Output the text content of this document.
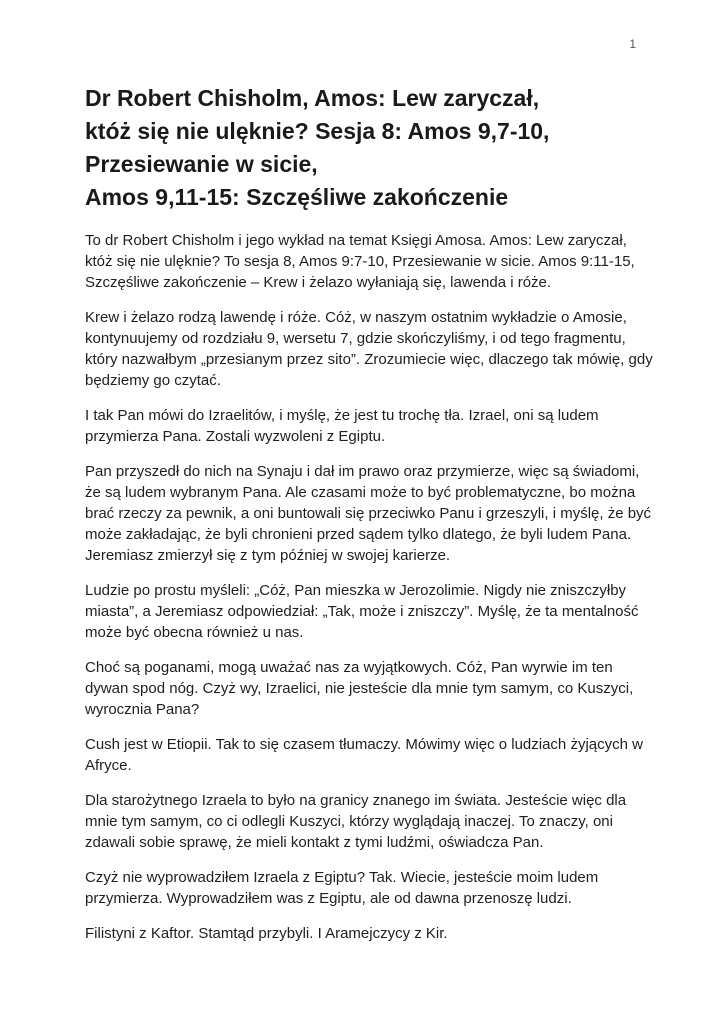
1
Dr Robert Chisholm, Amos: Lew zaryczał,
któż się nie ulęknie? Sesja 8: Amos 9,7-10,
Przesiewanie w sicie,
Amos 9,11-15: Szczęśliwe zakończenie

To dr Robert Chisholm i jego wykład na temat Księgi Amosa. Amos: Lew zaryczał, któż się nie ulęknie? To sesja 8, Amos 9:7-10, Przesiewanie w sicie. Amos 9:11-15, Szczęśliwe zakończenie – Krew i żelazo wyłaniają się, lawenda i róże.

Krew i żelazo rodzą lawendę i róże. Cóż, w naszym ostatnim wykładzie o Amosie, kontynuujemy od rozdziału 9, wersetu 7, gdzie skończyliśmy, i od tego fragmentu, który nazwałbym „przesianym przez sito”. Zrozumiecie więc, dlaczego tak mówię, gdy będziemy go czytać.

I tak Pan mówi do Izraelitów, i myślę, że jest tu trochę tła. Izrael, oni są ludem przymierza Pana. Zostali wyzwoleni z Egiptu.

Pan przyszedł do nich na Synaju i dał im prawo oraz przymierze, więc są świadomi, że są ludem wybranym Pana. Ale czasami może to być problematyczne, bo można brać rzeczy za pewnik, a oni buntowali się przeciwko Panu i grzeszyli, i myślę, że być może zakładając, że byli chronieni przed sądem tylko dlatego, że byli ludem Pana. Jeremiasz zmierzył się z tym później w swojej karierze.

Ludzie po prostu myśleli: „Cóż, Pan mieszka w Jerozolimie. Nigdy nie zniszczyłby miasta”, a Jeremiasz odpowiedział: „Tak, może i zniszczy”. Myślę, że ta mentalność może być obecna również u nas.

Choć są poganami, mogą uważać nas za wyjątkowych. Cóż, Pan wyrwie im ten dywan spod nóg. Czyż wy, Izraelici, nie jesteście dla mnie tym samym, co Kuszyci, wyrocznia Pana?

Cush jest w Etiopii. Tak to się czasem tłumaczy. Mówimy więc o ludziach żyjących w Afryce.

Dla starożytnego Izraela to było na granicy znanego im świata. Jesteście więc dla mnie tym samym, co ci odlegli Kuszyci, którzy wyglądają inaczej. To znaczy, oni zdawali sobie sprawę, że mieli kontakt z tymi ludźmi, oświadcza Pan.

Czyż nie wyprowadziłem Izraela z Egiptu? Tak. Wiecie, jesteście moim ludem przymierza. Wyprowadziłem was z Egiptu, ale od dawna przenoszę ludzi.

Filistyni z Kaftor. Stamtąd przybyli. I Aramejczycy z Kir.
